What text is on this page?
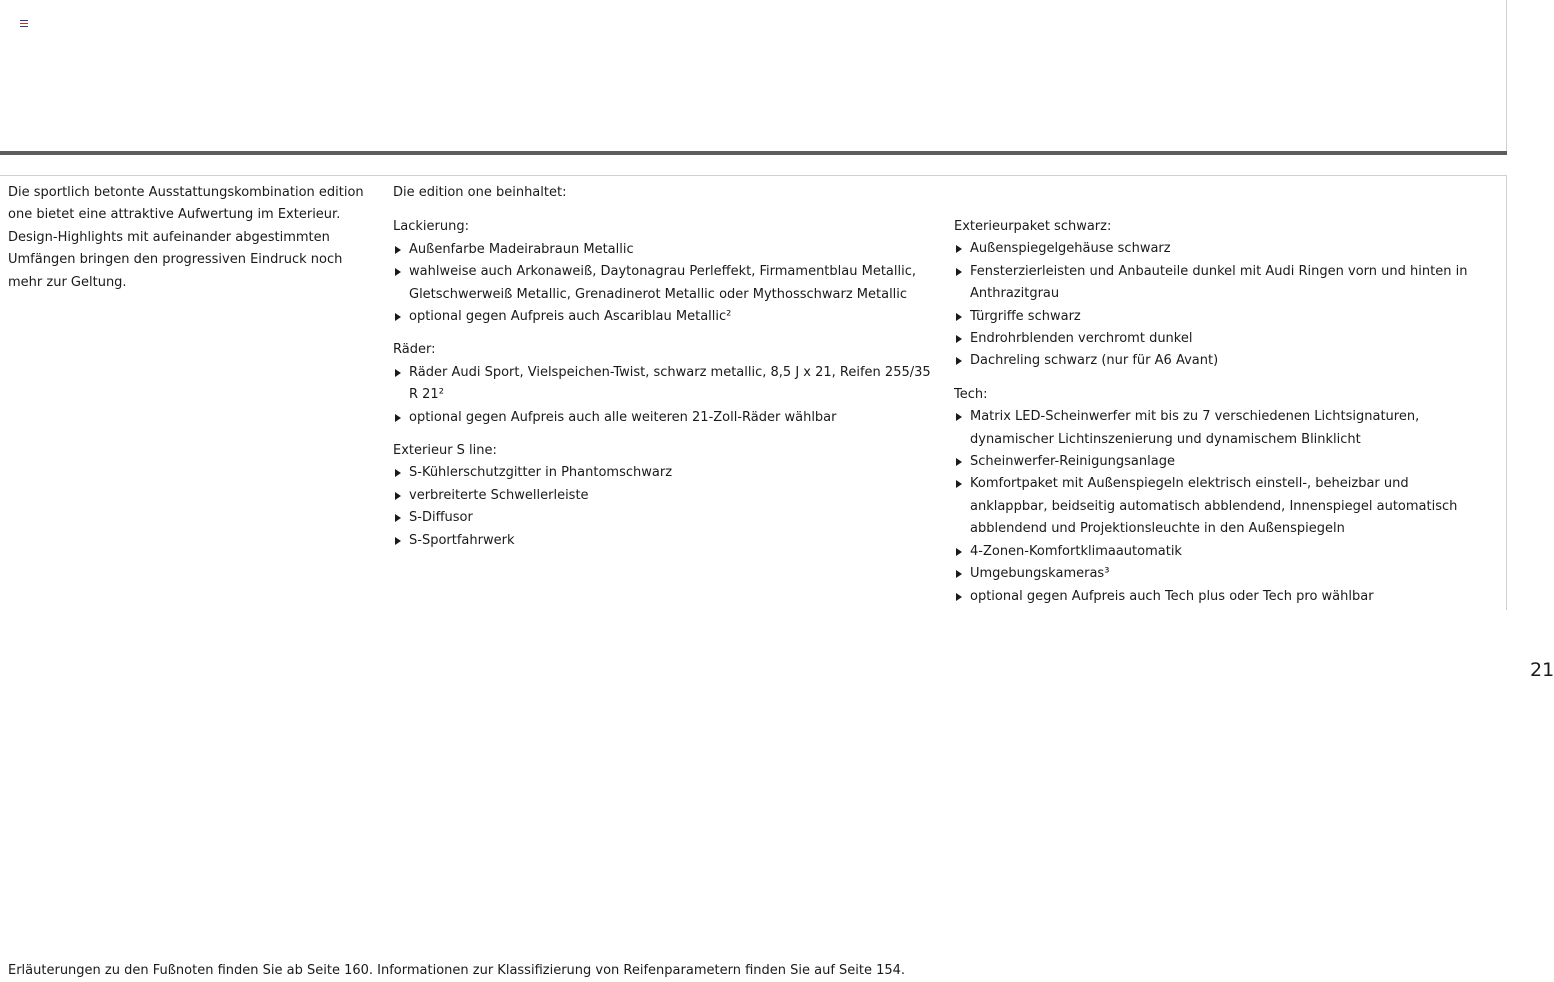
Die sportlich betonte Ausstattungskombination edition one bietet eine attraktive Aufwertung im Exterieur. Design-Highlights mit aufeinander abgestimmten Umfängen bringen den progressiven Eindruck noch mehr zur Geltung.

Die edition one beinhaltet:

Lackierung:

Außenfarbe Madeirabraun Metallic
wahlweise auch Arkonaweiß, Daytonagrau Perleffekt, Firmamentblau Metallic, Gletschwerweiß Metallic, Grenadinerot Metallic oder Mythosschwarz Metallic
optional gegen Aufpreis auch Ascariblau Metallic²

Räder:

Räder Audi Sport, Vielspeichen-Twist, schwarz metallic, 8,5 J x 21, Reifen 255/35 R 21²
optional gegen Aufpreis auch alle weiteren 21-Zoll-Räder wählbar

Exterieur S line:

S-Kühlerschutzgitter in Phantomschwarz
verbreiterte Schwellerleiste
S-Diffusor
S-Sportfahrwerk

Exterieurpaket schwarz:

Außenspiegelgehäuse schwarz
Fensterzierleisten und Anbauteile dunkel mit Audi Ringen vorn und hinten in Anthrazitgrau
Türgriffe schwarz
Endrohrblenden verchromt dunkel
Dachreling schwarz (nur für A6 Avant)

Tech:

Matrix LED-Scheinwerfer mit bis zu 7 verschiedenen Lichtsignaturen, dynamischer Lichtinszenierung und dynamischem Blinklicht
Scheinwerfer-Reinigungsanlage
Komfortpaket mit Außenspiegeln elektrisch einstell-, beheizbar und anklappbar, beidseitig automatisch abblendend, Innenspiegel automatisch abblendend und Projektionsleuchte in den Außenspiegeln
4-Zonen-Komfortklimaautomatik
Umgebungskameras³
optional gegen Aufpreis auch Tech plus oder Tech pro wählbar
21
Erläuterungen zu den Fußnoten finden Sie ab Seite 160. Informationen zur Klassifizierung von Reifenparametern finden Sie auf Seite 154.
